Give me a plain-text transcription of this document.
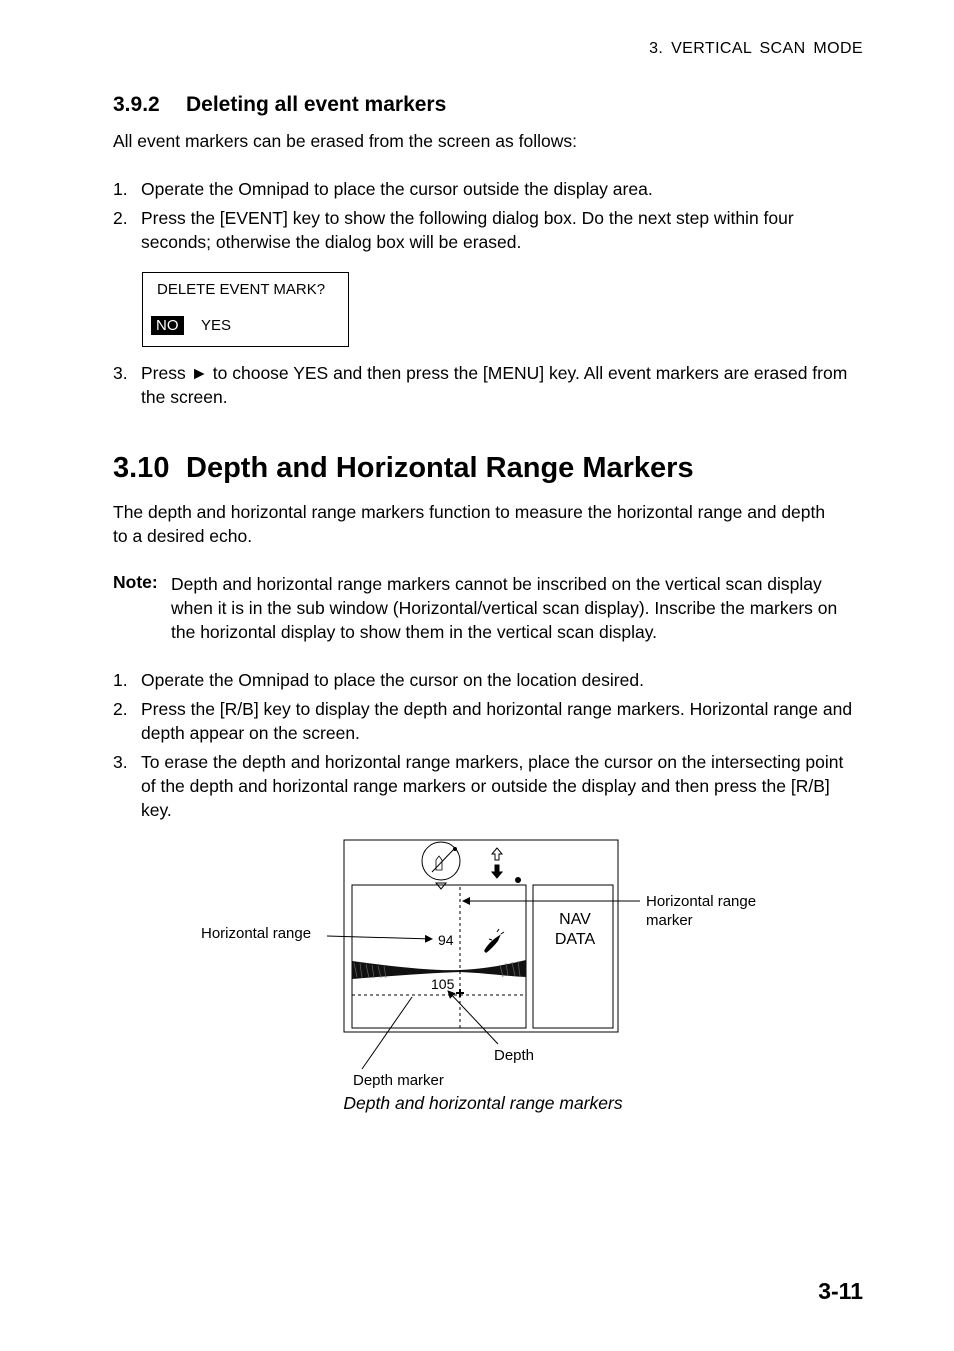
3. VERTICAL SCAN MODE
3.9.2 Deleting all event markers
All event markers can be erased from the screen as follows:
1. Operate the Omnipad to place the cursor outside the display area.
2. Press the [EVENT] key to show the following dialog box. Do the next step within four seconds; otherwise the dialog box will be erased.
DELETE EVENT MARK?
NO	YES
3. Press ► to choose YES and then press the [MENU] key. All event markers are erased from the screen.
3.10 Depth and Horizontal Range Markers
The depth and horizontal range markers function to measure the horizontal range and depth to a desired echo.
Note: Depth and horizontal range markers cannot be inscribed on the vertical scan display when it is in the sub window (Horizontal/vertical scan display). Inscribe the markers on the horizontal display to show them in the vertical scan display.
1. Operate the Omnipad to place the cursor on the location desired.
2. Press the [R/B] key to display the depth and horizontal range markers. Horizontal range and depth appear on the screen.
3. To erase the depth and horizontal range markers, place the cursor on the intersecting point of the depth and horizontal range markers or outside the display and then press the [R/B] key.
NAV
DATA
94
105
Horizontal range
Horizontal range
marker
Depth
Depth marker
Depth and horizontal range markers
3-11
